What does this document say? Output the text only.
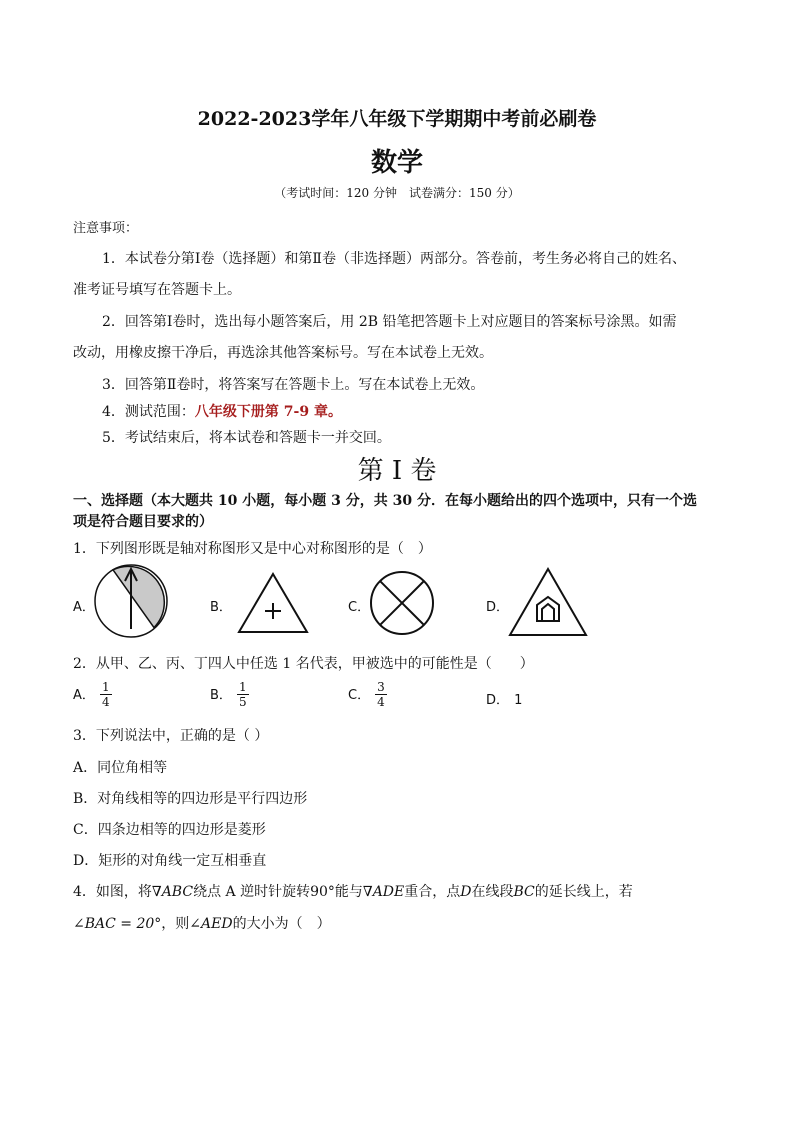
2022-2023学年八年级下学期期中考前必刷卷
数学
（考试时间：120 分钟　试卷满分：150 分）
注意事项：
1．本试卷分第Ⅰ卷（选择题）和第Ⅱ卷（非选择题）两部分。答卷前，考生务必将自己的姓名、
准考证号填写在答题卡上。
2．回答第Ⅰ卷时，选出每小题答案后，用 2B 铅笔把答题卡上对应题目的答案标号涂黑。如需
改动，用橡皮擦干净后，再选涂其他答案标号。写在本试卷上无效。
3．回答第Ⅱ卷时，将答案写在答题卡上。写在本试卷上无效。
4．测试范围：八年级下册第 7-9 章。
5．考试结束后，将本试卷和答题卡一并交回。
第 I 卷
一、选择题（本大题共 10 小题，每小题 3 分，共 30 分．在每小题给出的四个选项中，只有一个选
项是符合题目要求的）
1．下列图形既是轴对称图形又是中心对称图形的是（　）
A．	B．	C．	D．
2．从甲、乙、丙、丁四人中任选 1 名代表，甲被选中的可能性是（　　）
A． $\frac{1}{4}$	B． $\frac{1}{5}$	C． $\frac{3}{4}$	D． 1
3．下列说法中，正确的是（ ）
A．同位角相等
B．对角线相等的四边形是平行四边形
C．四条边相等的四边形是菱形
D．矩形的对角线一定互相垂直
4．如图，将∇ABC绕点 A 逆时针旋转90°能与∇ADE重合，点D在线段BC的延长线上，若
∠BAC = 20°，则∠AED的大小为（　）
